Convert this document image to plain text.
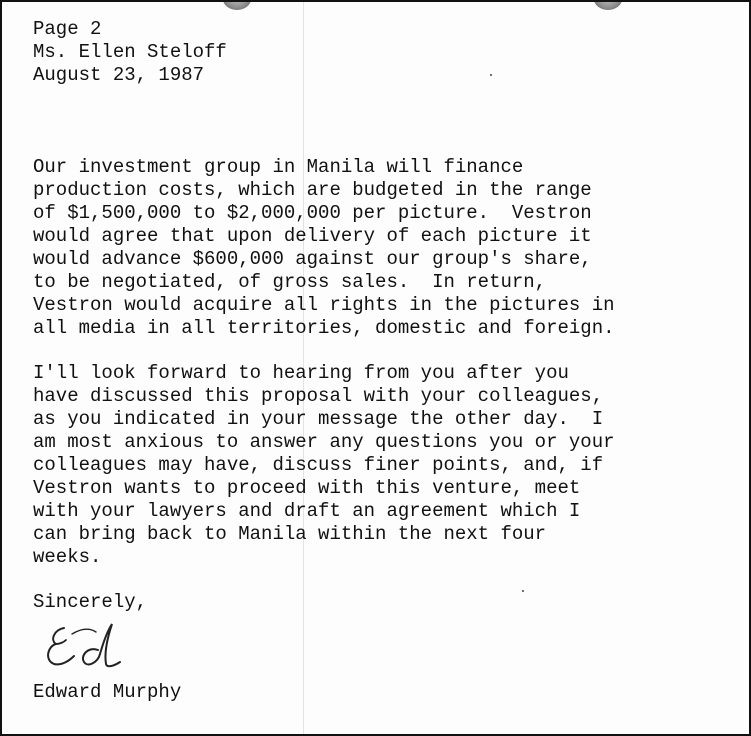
Page 2
Ms. Ellen Steloff
August 23, 1987
Our investment group in Manila will finance
production costs, which are budgeted in the range
of $1,500,000 to $2,000,000 per picture.  Vestron
would agree that upon delivery of each picture it
would advance $600,000 against our group's share,
to be negotiated, of gross sales.  In return,
Vestron would acquire all rights in the pictures in
all media in all territories, domestic and foreign.
I'll look forward to hearing from you after you
have discussed this proposal with your colleagues,
as you indicated in your message the other day.  I
am most anxious to answer any questions you or your
colleagues may have, discuss finer points, and, if
Vestron wants to proceed with this venture, meet
with your lawyers and draft an agreement which I
can bring back to Manila within the next four
weeks.
Sincerely,
Edward Murphy
